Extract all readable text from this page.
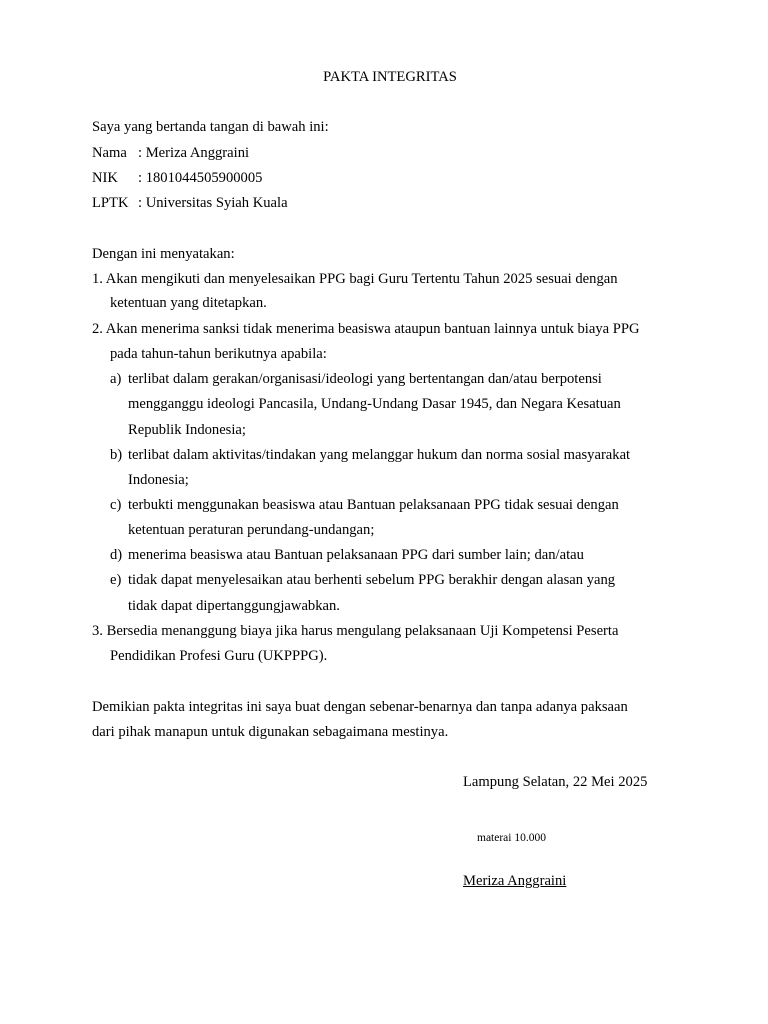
PAKTA INTEGRITAS
Saya yang bertanda tangan di bawah ini:
Nama : Meriza Anggraini
NIK : 1801044505900005
LPTK : Universitas Syiah Kuala
Dengan ini menyatakan:
1. Akan mengikuti dan menyelesaikan PPG bagi Guru Tertentu Tahun 2025 sesuai dengan
ketentuan yang ditetapkan.
2. Akan menerima sanksi tidak menerima beasiswa ataupun bantuan lainnya untuk biaya PPG
pada tahun-tahun berikutnya apabila:
a) terlibat dalam gerakan/organisasi/ideologi yang bertentangan dan/atau berpotensi
mengganggu ideologi Pancasila, Undang-Undang Dasar 1945, dan Negara Kesatuan
Republik Indonesia;
b) terlibat dalam aktivitas/tindakan yang melanggar hukum dan norma sosial masyarakat
Indonesia;
c) terbukti menggunakan beasiswa atau Bantuan pelaksanaan PPG tidak sesuai dengan
ketentuan peraturan perundang-undangan;
d) menerima beasiswa atau Bantuan pelaksanaan PPG dari sumber lain; dan/atau
e) tidak dapat menyelesaikan atau berhenti sebelum PPG berakhir dengan alasan yang
tidak dapat dipertanggungjawabkan.
3. Bersedia menanggung biaya jika harus mengulang pelaksanaan Uji Kompetensi Peserta
Pendidikan Profesi Guru (UKPPPG).
Demikian pakta integritas ini saya buat dengan sebenar-benarnya dan tanpa adanya paksaan
dari pihak manapun untuk digunakan sebagaimana mestinya.
Lampung Selatan, 22 Mei 2025
materai 10.000
Meriza Anggraini
